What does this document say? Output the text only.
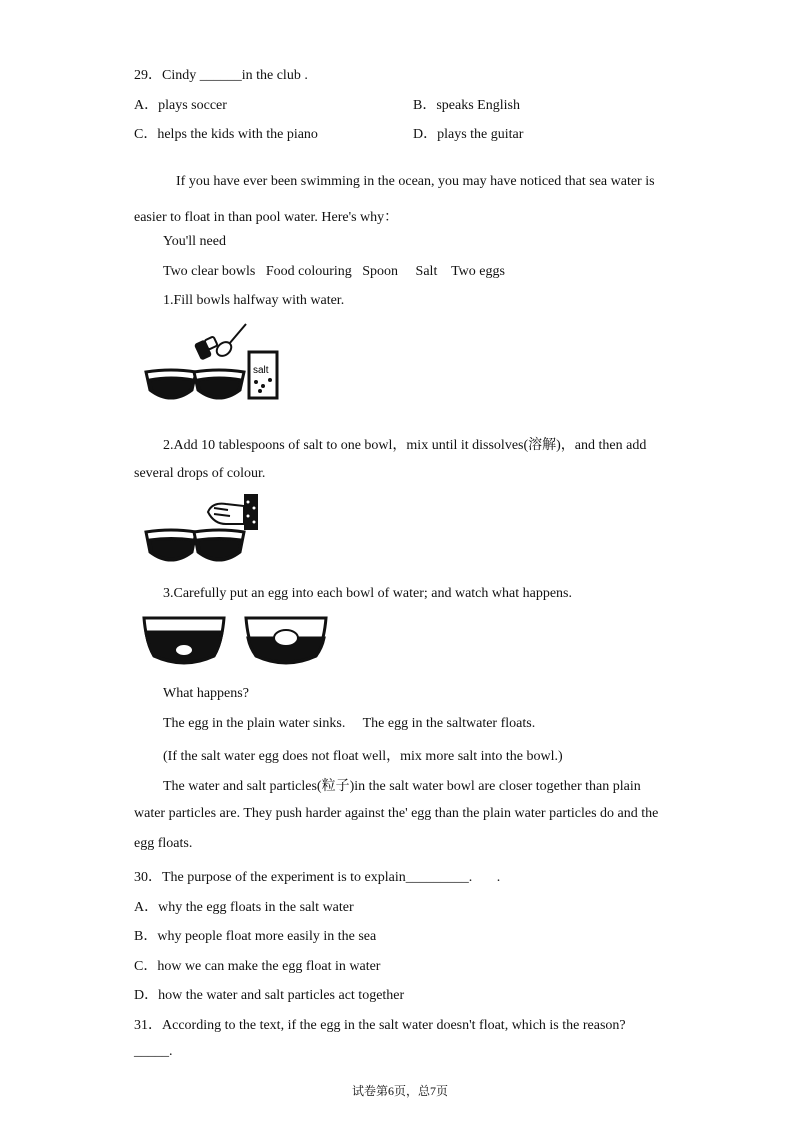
29．Cindy ______in the club .
A．plays soccer	B．speaks English
C．helps the kids with the piano	D．plays the guitar
If you have ever been swimming in the ocean, you may have noticed that sea water is
easier to float in than pool water. Here's why：
You'll need
Two clear bowls   Food colouring   Spoon     Salt    Two eggs
1.Fill bowls halfway with water.
salt
2.Add 10 tablespoons of salt to one bowl，mix until it dissolves(溶解)，and then add
several drops of colour.
3.Carefully put an egg into each bowl of water; and watch what happens.
What happens?
The egg in the plain water sinks.     The egg in the saltwater floats.
(If the salt water egg does not float well，mix more salt into the bowl.)
The water and salt particles(粒子)in the salt water bowl are closer together than plain
water particles are. They push harder against the' egg than the plain water particles do and the
egg floats.
30．The purpose of the experiment is to explain_________.       .
A．why the egg floats in the salt water
B．why people float more easily in the sea
C．how we can make the egg float in water
D．how the water and salt particles act together
31．According to the text, if the egg in the salt water doesn't float, which is the reason?
_____.
试卷第6页，总7页
